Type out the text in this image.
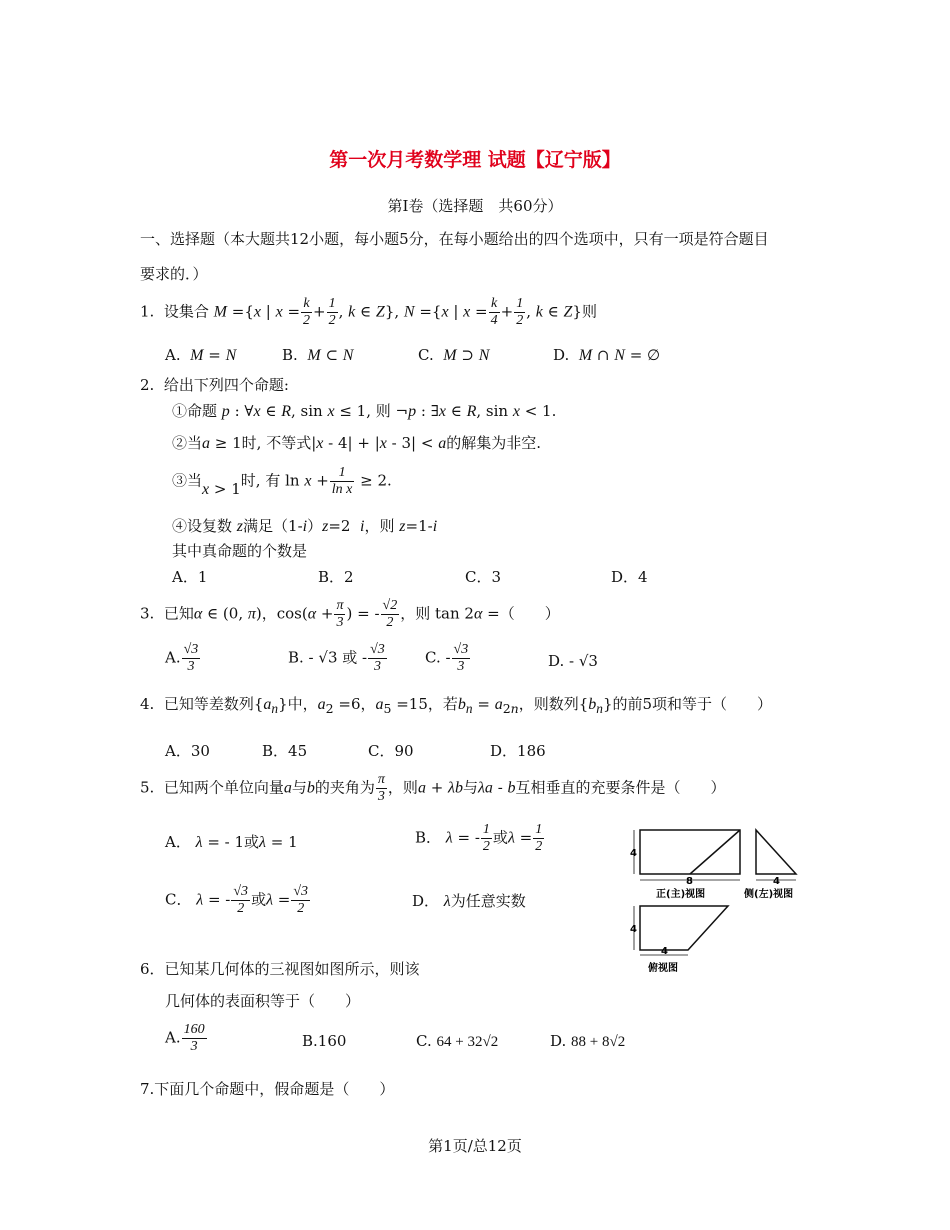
第一次月考数学理 试题【辽宁版】
第Ⅰ卷（选择题　共60分）
一、选择题（本大题共12小题，每小题5分，在每小题给出的四个选项中，只有一项是符合题目
要求的．）
1. 设集合 M ={x | $x = \frac{k}{2} + \frac{1}{2}$ , k ∈ Z}, N ={x | $x = \frac{k}{4} + \frac{1}{2}$ , k ∈ Z}则
A. M = N	B. M ⊂ N	C. M ⊃ N	D. M ∩ N = ∅
2. 给出下列四个命题:
①命题 p : ∀x ∈ R, sin x ≤ 1, 则 ¬p : ∃x ∈ R, sin x < 1.
②当a ≥ 1时, 不等式|x - 4| + |x - 3| < a的解集为非空.
③当x > 1时, 有 $\ln x + \frac{1}{\text{ln x}} \ge 2$.
④设复数 z满足（1-i）z=2  i，则 z=1-i
其中真命题的个数是
A．1	B．2	C．3	D．4
3. 已知α ∈ (0, π)，$\cos(\alpha + \frac{\pi}{3}$ ) = - $\frac{√2}{2}$ ，则 tan 2α =（　　）
A. $\frac{√3}{3}$	B. - √3 或 - $\frac{√3}{3}$	C. - $\frac{√3}{3}$	D. - √3
4. 已知等差数列$\{a_n\}$中，$a_2 =6$，$a_5 =15$，若$b_n = a_{2n}$，则数列$\{b_n\}$的前5项和等于（　　）
A．30	B．45	C．90	D．186
5.  已知两个单位向量a与b的夹角为 $\frac{\pi}{3}$ ，则a + λb与λa - b互相垂直的充要条件是（　　）
A． λ = - 1或λ = 1	B． λ = - $\frac{1}{2}$ 或$\lambda = \frac{1}{2}$
C． λ = - $\frac{√3}{2}$ 或$\lambda = \frac{√3}{2}$	D． λ为任意实数
4
8	4
4
4
正(主)视图	侧(左)视图
俯视图
6．已知某几何体的三视图如图所示，则该
几何体的表面积等于（　　）
A. $\frac{160}{3}$	B.160	C. 64 + 32√2	D. 88 + 8√2
7.下面几个命题中，假命题是（　　）
第1页/总12页
